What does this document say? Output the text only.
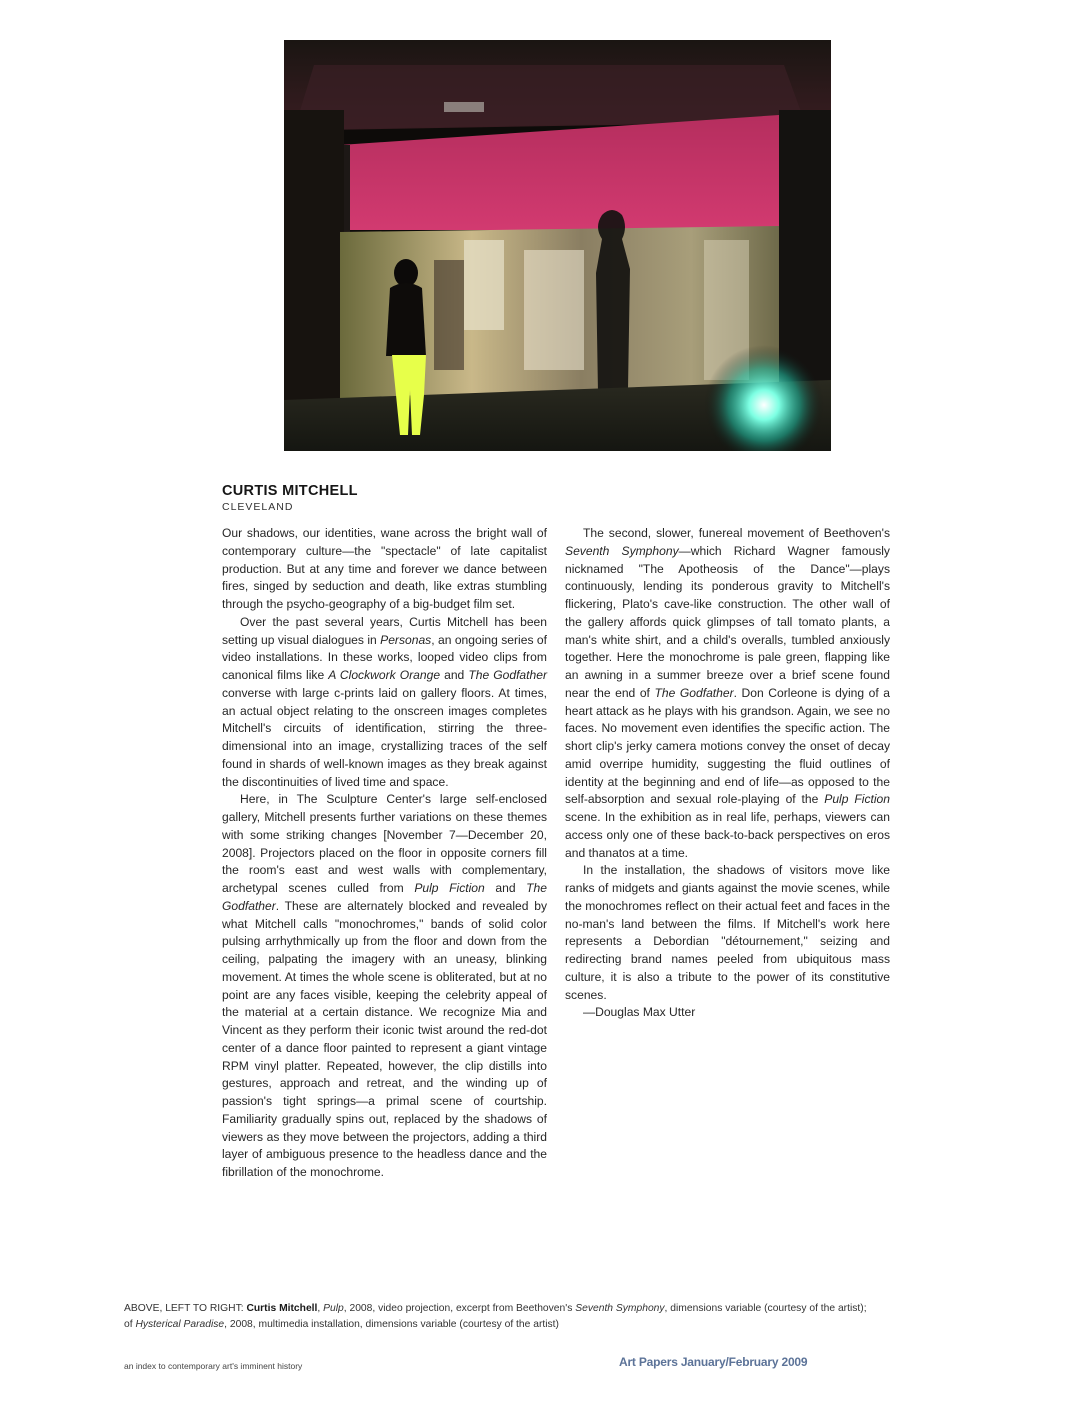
CURTIS MITCHELL
CLEVELAND

Our shadows, our identities, wane across the bright wall of contemporary culture—the "spectacle" of late capitalist production. But at any time and forever we dance between fires, singed by seduction and death, like extras stumbling through the psycho-geography of a big-budget film set.

Over the past several years, Curtis Mitchell has been setting up visual dialogues in Personas, an ongoing series of video installations. In these works, looped video clips from canonical films like A Clockwork Orange and The Godfather converse with large c-prints laid on gallery floors. At times, an actual object relating to the onscreen images completes Mitchell's circuits of identification, stirring the three-dimensional into an image, crystallizing traces of the self found in shards of well-known images as they break against the discontinuities of lived time and space.

Here, in The Sculpture Center's large self-enclosed gallery, Mitchell presents further variations on these themes with some striking changes [November 7—December 20, 2008]. Projectors placed on the floor in opposite corners fill the room's east and west walls with complementary, archetypal scenes culled from Pulp Fiction and The Godfather. These are alternately blocked and revealed by what Mitchell calls "monochromes," bands of solid color pulsing arrhythmically up from the floor and down from the ceiling, palpating the imagery with an uneasy, blinking movement. At times the whole scene is obliterated, but at no point are any faces visible, keeping the celebrity appeal of the material at a certain distance. We recognize Mia and Vincent as they perform their iconic twist around the red-dot center of a dance floor painted to represent a giant vintage RPM vinyl platter. Repeated, however, the clip distills into gestures, approach and retreat, and the winding up of passion's tight springs—a primal scene of courtship. Familiarity gradually spins out, replaced by the shadows of viewers as they move between the projectors, adding a third layer of ambiguous presence to the headless dance and the fibrillation of the monochrome.

The second, slower, funereal movement of Beethoven's Seventh Symphony—which Richard Wagner famously nicknamed "The Apotheosis of the Dance"—plays continuously, lending its ponderous gravity to Mitchell's flickering, Plato's cave-like construction. The other wall of the gallery affords quick glimpses of tall tomato plants, a man's white shirt, and a child's overalls, tumbled anxiously together. Here the monochrome is pale green, flapping like an awning in a summer breeze over a brief scene found near the end of The Godfather. Don Corleone is dying of a heart attack as he plays with his grandson. Again, we see no faces. No movement even identifies the specific action. The short clip's jerky camera motions convey the onset of decay amid overripe humidity, suggesting the fluid outlines of identity at the beginning and end of life—as opposed to the self-absorption and sexual role-playing of the Pulp Fiction scene. In the exhibition as in real life, perhaps, viewers can access only one of these back-to-back perspectives on eros and thanatos at a time.

In the installation, the shadows of visitors move like ranks of midgets and giants against the movie scenes, while the monochromes reflect on their actual feet and faces in the no-man's land between the films. If Mitchell's work here represents a Debordian "détournement," seizing and redirecting brand names peeled from ubiquitous mass culture, it is also a tribute to the power of its constitutive scenes.

—Douglas Max Utter

ABOVE, LEFT TO RIGHT: Curtis Mitchell, Pulp, 2008, video projection, excerpt from Beethoven's Seventh Symphony, dimensions variable (courtesy of the artist);
of Hysterical Paradise, 2008, multimedia installation, dimensions variable (courtesy of the artist)
an index to contemporary art's imminent history	Art Papers January/February 2009
